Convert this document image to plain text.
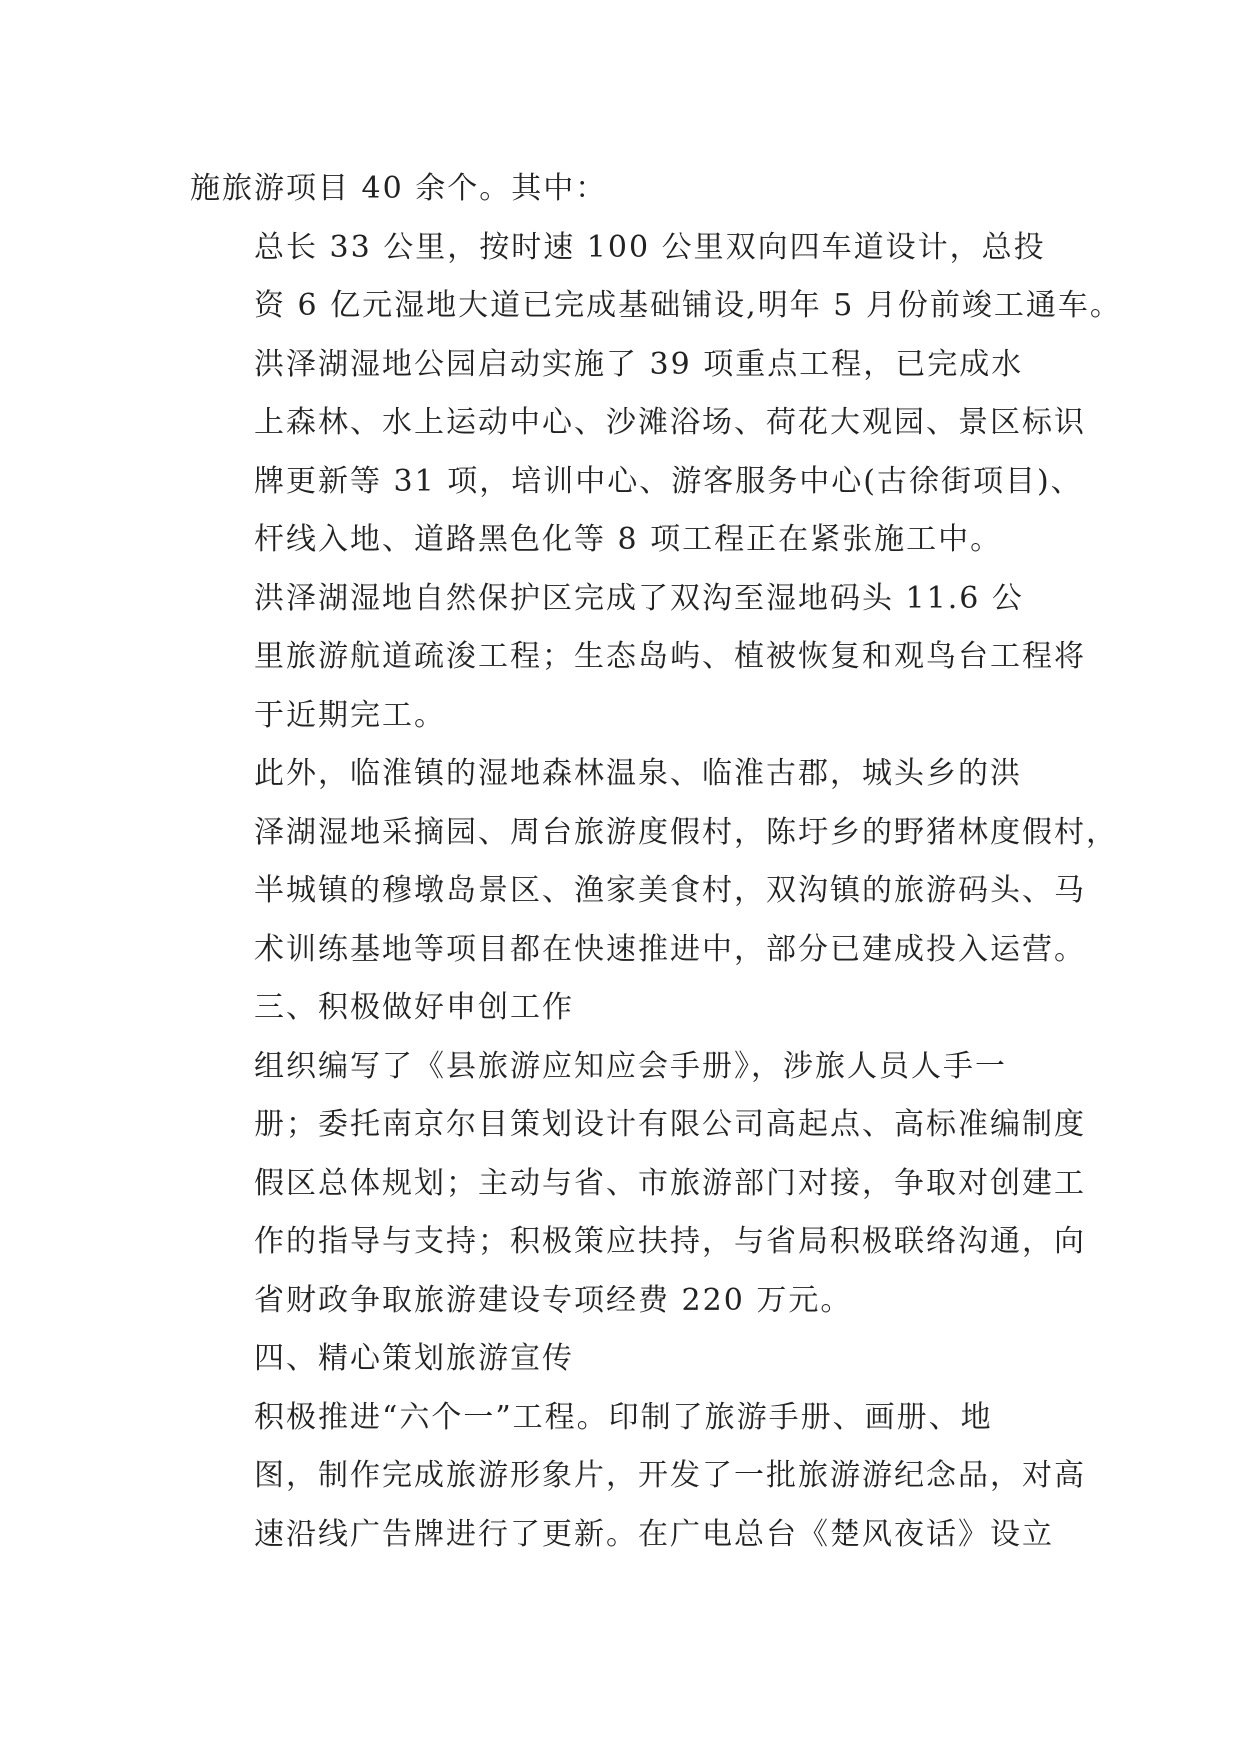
施旅游项目 40 余个。其中：
总长 33 公里，按时速 100 公里双向四车道设计，总投
资 6 亿元湿地大道已完成基础铺设,明年 5 月份前竣工通车。
洪泽湖湿地公园启动实施了 39 项重点工程，已完成水
上森林、水上运动中心、沙滩浴场、荷花大观园、景区标识
牌更新等 31 项，培训中心、游客服务中心(古徐街项目)、
杆线入地、道路黑色化等 8 项工程正在紧张施工中。
洪泽湖湿地自然保护区完成了双沟至湿地码头 11.6 公
里旅游航道疏浚工程；生态岛屿、植被恢复和观鸟台工程将
于近期完工。
此外，临淮镇的湿地森林温泉、临淮古郡，城头乡的洪
泽湖湿地采摘园、周台旅游度假村，陈圩乡的野猪林度假村，
半城镇的穆墩岛景区、渔家美食村，双沟镇的旅游码头、马
术训练基地等项目都在快速推进中，部分已建成投入运营。
三、积极做好申创工作
组织编写了《县旅游应知应会手册》，涉旅人员人手一
册；委托南京尔目策划设计有限公司高起点、高标准编制度
假区总体规划；主动与省、市旅游部门对接，争取对创建工
作的指导与支持；积极策应扶持，与省局积极联络沟通，向
省财政争取旅游建设专项经费 220 万元。
四、精心策划旅游宣传
积极推进“六个一”工程。印制了旅游手册、画册、地
图，制作完成旅游形象片，开发了一批旅游游纪念品，对高
速沿线广告牌进行了更新。在广电总台《楚风夜话》设立
